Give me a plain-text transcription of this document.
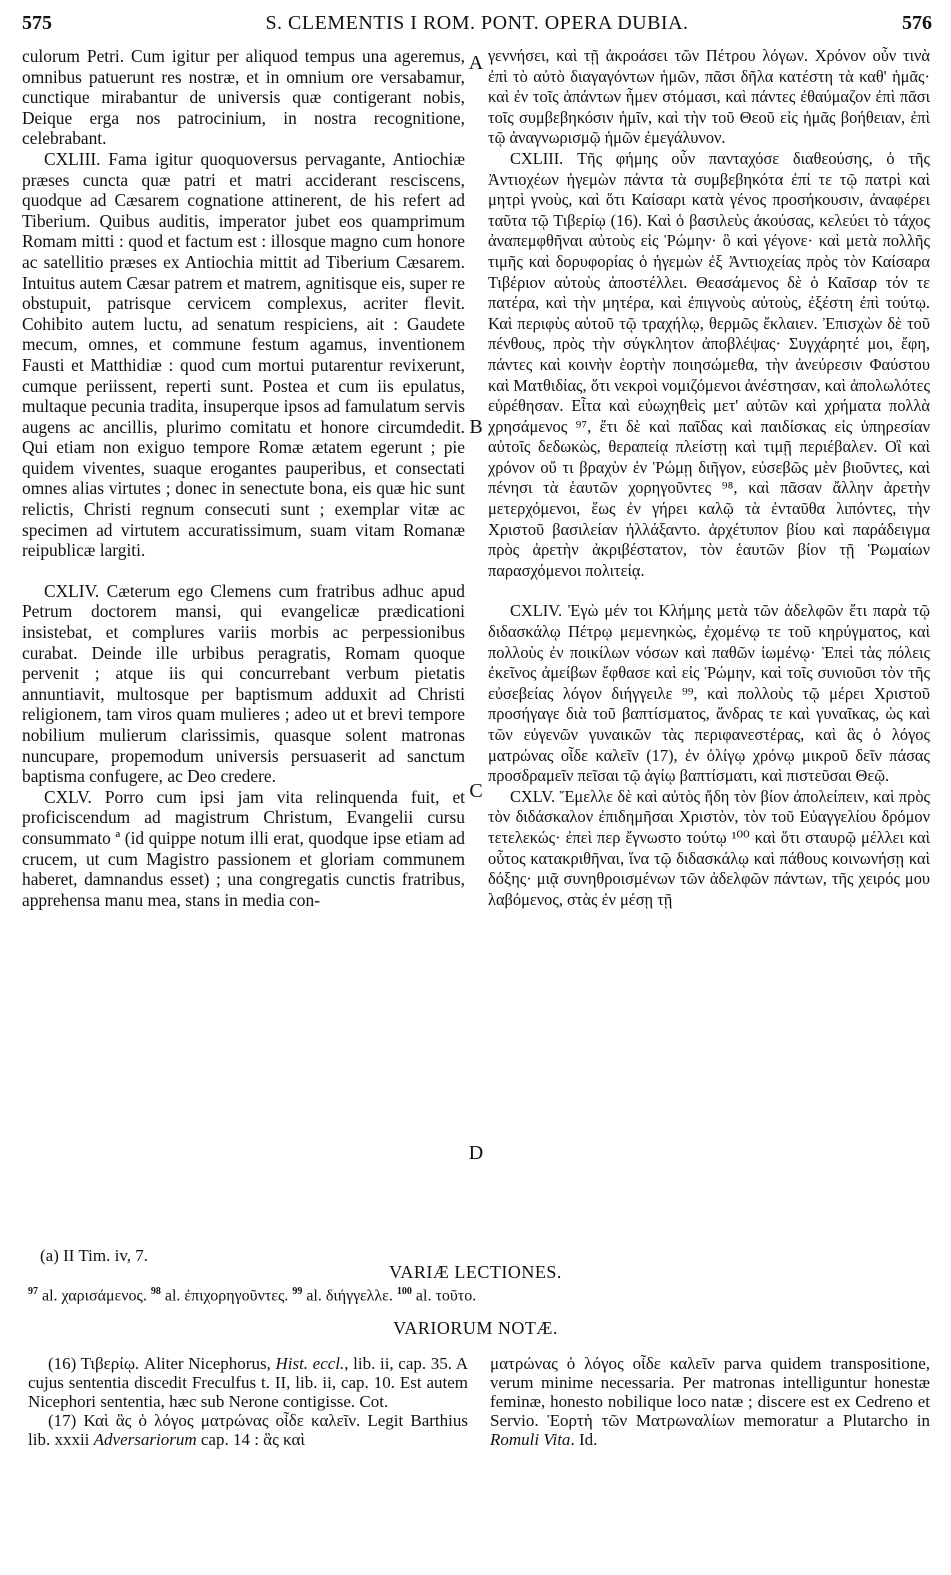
575	S. CLEMENTIS I ROM. PONT. OPERA DUBIA.	576

culorum Petri. Cum igitur per aliquod tempus una ageremus, omnibus patuerunt res nostræ, et in omnium ore versabamur, cunctique mirabantur de universis quæ contigerant nobis, Deique erga nos patrocinium, in nostra recognitione, celebrabant.

CXLIII. Fama igitur quoquoversus pervagante, Antiochiæ præses cuncta quæ patri et matri acciderant resciscens, quodque ad Cæsarem cognatione attinerent, de his refert ad Tiberium. Quibus auditis, imperator jubet eos quamprimum Romam mitti : quod et factum est : illosque magno cum honore ac satellitio præses ex Antiochia mittit ad Tiberium Cæsarem. Intuitus autem Cæsar patrem et matrem, agnitisque eis, super re obstupuit, patrisque cervicem complexus, acriter flevit. Cohibito autem luctu, ad senatum respiciens, ait : Gaudete mecum, omnes, et commune festum agamus, inventionem Fausti et Matthidiæ : quod cum mortui putarentur revixerunt, cumque periissent, reperti sunt. Postea et cum iis epulatus, multaque pecunia tradita, insuperque ipsos ad famulatum servis augens ac ancillis, plurimo comitatu et honore circumdedit. Qui etiam non exiguo tempore Romæ ætatem egerunt ; pie quidem viventes, suaque erogantes pauperibus, et consectati omnes alias virtutes ; donec in senectute bona, eis quæ hic sunt relictis, Christi regnum consecuti sunt ; exemplar vitæ ac specimen ad virtutem accuratissimum, suam vitam Romanæ reipublicæ largiti.

CXLIV. Cæterum ego Clemens cum fratribus adhuc apud Petrum doctorem mansi, qui evangelicæ prædicationi insistebat, et complures variis morbis ac perpessionibus curabat. Deinde ille urbibus peragratis, Romam quoque pervenit ; atque iis qui concurrebant verbum pietatis annuntiavit, multosque per baptismum adduxit ad Christi religionem, tam viros quam mulieres ; adeo ut et brevi tempore nobilium mulierum clarissimis, quasque solent matronas nuncupare, propemodum universis persuaserit ad sanctum baptisma confugere, ac Deo credere.

CXLV. Porro cum ipsi jam vita relinquenda fuit, et proficiscendum ad magistrum Christum, Evangelii cursu consummato ª (id quippe notum illi erat, quodque ipse etiam ad crucem, ut cum Magistro passionem et gloriam communem haberet, damnandus esset) ; una congregatis cunctis fratribus, apprehensa manu mea, stans in media con-

γεννήσει, καὶ τῇ ἀκροάσει τῶν Πέτρου λόγων. Χρόνον οὖν τινὰ ἐπὶ τὸ αὐτὸ διαγαγόντων ἡμῶν, πᾶσι δῆλα κατέστη τὰ καθ' ἡμᾶς· καὶ ἐν τοῖς ἁπάντων ἦμεν στόμασι, καὶ πάντες ἐθαύμαζον ἐπὶ πᾶσι τοῖς συμβεβηκόσιν ἡμῖν, καὶ τὴν τοῦ Θεοῦ εἰς ἡμᾶς βοήθειαν, ἐπὶ τῷ ἀναγνωρισμῷ ἡμῶν ἐμεγάλυνον.

CXLIII. Τῆς φήμης οὖν πανταχόσε διαθεούσης, ὁ τῆς Ἀντιοχέων ἡγεμὼν πάντα τὰ συμβεβηκότα ἐπί τε τῷ πατρὶ καὶ μητρὶ γνοὺς, καὶ ὅτι Καίσαρι κατὰ γένος προσήκουσιν, ἀναφέρει ταῦτα τῷ Τιβερίῳ (16). Καὶ ὁ βασιλεὺς ἀκούσας, κελεύει τὸ τάχος ἀναπεμφθῆναι αὐτοὺς εἰς Ῥώμην· ὃ καὶ γέγονε· καὶ μετὰ πολλῆς τιμῆς καὶ δορυφορίας ὁ ἡγεμὼν ἐξ Ἀντιοχείας πρὸς τὸν Καίσαρα Τιβέριον αὐτοὺς ἀποστέλλει. Θεασάμενος δὲ ὁ Καῖσαρ τόν τε πατέρα, καὶ τὴν μητέρα, καὶ ἐπιγνοὺς αὐτοὺς, ἐξέστη ἐπὶ τούτῳ. Καὶ περιφὺς αὐτοῦ τῷ τραχήλῳ, θερμῶς ἔκλαιεν. Ἐπισχὼν δὲ τοῦ πένθους, πρὸς τὴν σύγκλητον ἀποβλέψας· Συγχάρητέ μοι, ἔφη, πάντες καὶ κοινὴν ἑορτὴν ποιησώμεθα, τὴν ἀνεύρεσιν Φαύστου καὶ Ματθιδίας, ὅτι νεκροὶ νομιζόμενοι ἀνέστησαν, καὶ ἀπολωλότες εὑρέθησαν. Εἶτα καὶ εὐωχηθεὶς μετ' αὐτῶν καὶ χρήματα πολλὰ χρησάμενος ⁹⁷, ἔτι δὲ καὶ παῖδας καὶ παιδίσκας εἰς ὑπηρεσίαν αὐτοῖς δεδωκὼς, θεραπείᾳ πλείστῃ καὶ τιμῇ περιέβαλεν. Οἳ καὶ χρόνον οὔ τι βραχὺν ἐν Ῥώμῃ διῆγον, εὐσεβῶς μὲν βιοῦντες, καὶ πένησι τὰ ἑαυτῶν χορηγοῦντες ⁹⁸, καὶ πᾶσαν ἄλλην ἀρετὴν μετερχόμενοι, ἕως ἐν γήρει καλῷ τὰ ἐνταῦθα λιπόντες, τὴν Χριστοῦ βασιλείαν ἠλλάξαντο. ἀρχέτυπον βίου καὶ παράδειγμα πρὸς ἀρετὴν ἀκριβέστατον, τὸν ἑαυτῶν βίον τῇ Ῥωμαίων παρασχόμενοι πολιτείᾳ.

CXLIV. Ἐγὼ μέν τοι Κλήμης μετὰ τῶν ἀδελφῶν ἔτι παρὰ τῷ διδασκάλῳ Πέτρῳ μεμενηκὼς, ἐχομένῳ τε τοῦ κηρύγματος, καὶ πολλοὺς ἐν ποικίλων νόσων καὶ παθῶν ἰωμένῳ· Ἐπεὶ τὰς πόλεις ἐκεῖνος ἀμείβων ἔφθασε καὶ εἰς Ῥώμην, καὶ τοῖς συνιοῦσι τὸν τῆς εὐσεβείας λόγον διήγγειλε ⁹⁹, καὶ πολλοὺς τῷ μέρει Χριστοῦ προσήγαγε διὰ τοῦ βαπτίσματος, ἄνδρας τε καὶ γυναῖκας, ὡς καὶ τῶν εὐγενῶν γυναικῶν τὰς περιφανεστέρας, καὶ ἃς ὁ λόγος ματρώνας οἶδε καλεῖν (17), ἐν ὀλίγῳ χρόνῳ μικροῦ δεῖν πάσας προσδραμεῖν πεῖσαι τῷ ἁγίῳ βαπτίσματι, καὶ πιστεῦσαι Θεῷ.

CXLV. Ἔμελλε δὲ καὶ αὐτὸς ἤδη τὸν βίον ἀπολείπειν, καὶ πρὸς τὸν διδάσκαλον ἐπιδημῆσαι Χριστὸν, τὸν τοῦ Εὐαγγελίου δρόμον τετελεκώς· ἐπεὶ περ ἔγνωστο τούτῳ ¹⁰⁰ καὶ ὅτι σταυρῷ μέλλει καὶ οὗτος κατακριθῆναι, ἵνα τῷ διδασκάλῳ καὶ πάθους κοινωνήσῃ καὶ δόξης· μιᾷ συνηθροισμένων τῶν ἀδελφῶν πάντων, τῆς χειρός μου λαβόμενος, στὰς ἐν μέσῃ τῇ

A
B
C
D
(a) II Tim. iv, 7.
VARIÆ LECTIONES.
$^{97}$ al. χαρισάμενος. $^{98}$ al. ἐπιχορηγοῦντες. $^{99}$ al. διήγγελλε. $^{100}$ al. τοῦτο.
VARIORUM NOTÆ.

(16) Τιβερίῳ. Aliter Nicephorus, Hist. eccl., lib. ii, cap. 35. A cujus sententia discedit Freculfus t. II, lib. ii, cap. 10. Est autem Nicephori sententia, hæc sub Nerone contigisse. Cot.

(17) Καὶ ἃς ὁ λόγος ματρώνας οἶδε καλεῖν. Legit Barthius lib. xxxii Adversariorum cap. 14 : ἃς καὶ

ματρώνας ὁ λόγος οἶδε καλεῖν parva quidem transpositione, verum minime necessaria. Per matronas intelliguntur honestæ feminæ, honesto nobilique loco natæ ; discere est ex Cedreno et Servio. Ἑορτὴ τῶν Ματρωναλίων memoratur a Plutarcho in Romuli Vita. Id.
